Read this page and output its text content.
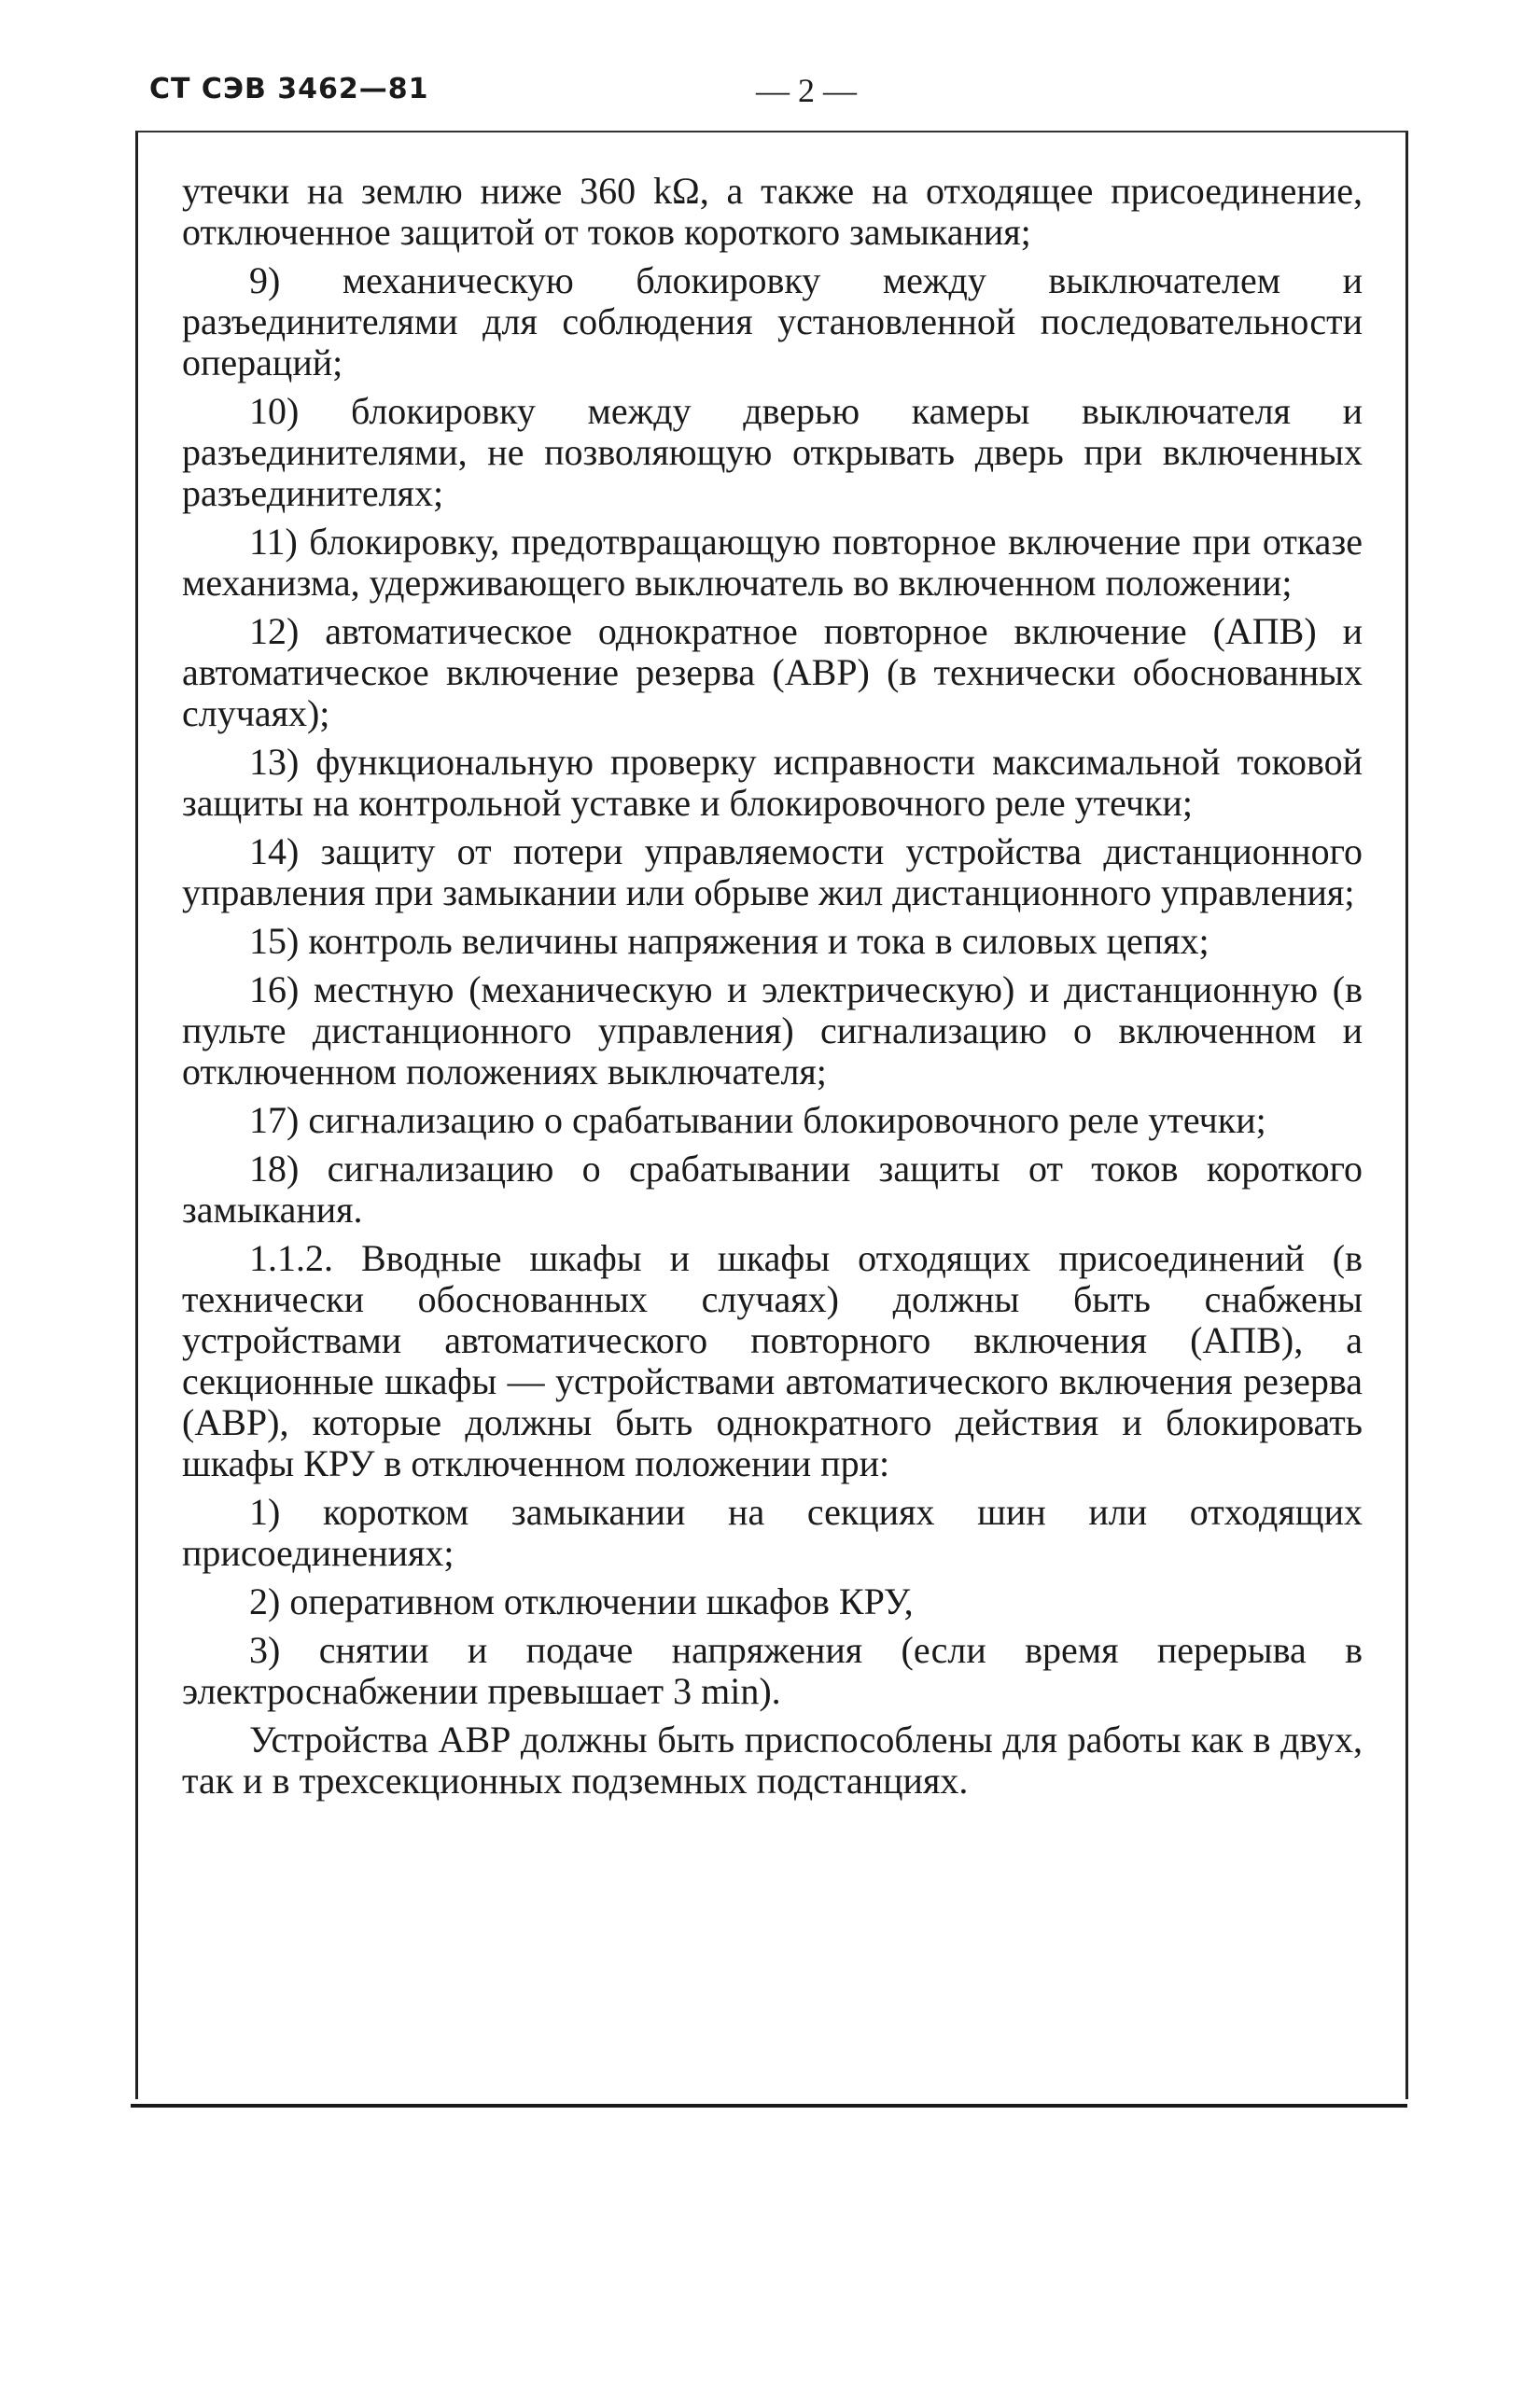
СТ СЭВ 3462—81	— 2 —

утечки на землю ниже 360 kΩ, а также на отходящее присоединение, отключенное защитой от токов короткого замыкания;

9) механическую блокировку между выключателем и разъединителями для соблюдения установленной последовательности операций;

10) блокировку между дверью камеры выключателя и разъединителями, не позволяющую открывать дверь при включенных разъединителях;

11) блокировку, предотвращающую повторное включение при отказе механизма, удерживающего выключатель во включенном положении;

12) автоматическое однократное повторное включение (АПВ) и автоматическое включение резерва (АВР) (в технически обоснованных случаях);

13) функциональную проверку исправности максимальной токовой защиты на контрольной уставке и блокировочного реле утечки;

14) защиту от потери управляемости устройства дистанционного управления при замыкании или обрыве жил дистанционного управления;

15) контроль величины напряжения и тока в силовых цепях;

16) местную (механическую и электрическую) и дистанционную (в пульте дистанционного управления) сигнализацию о включенном и отключенном положениях выключателя;

17) сигнализацию о срабатывании блокировочного реле утечки;

18) сигнализацию о срабатывании защиты от токов короткого замыкания.

1.1.2. Вводные шкафы и шкафы отходящих присоединений (в технически обоснованных случаях) должны быть снабжены устройствами автоматического повторного включения (АПВ), а секционные шкафы — устройствами автоматического включения резерва (АВР), которые должны быть однократного действия и блокировать шкафы КРУ в отключенном положении при:

1) коротком замыкании на секциях шин или отходящих присоединениях;

2) оперативном отключении шкафов КРУ,

3) снятии и подаче напряжения (если время перерыва в электроснабжении превышает 3 min).

Устройства АВР должны быть приспособлены для работы как в двух, так и в трехсекционных подземных подстанциях.
